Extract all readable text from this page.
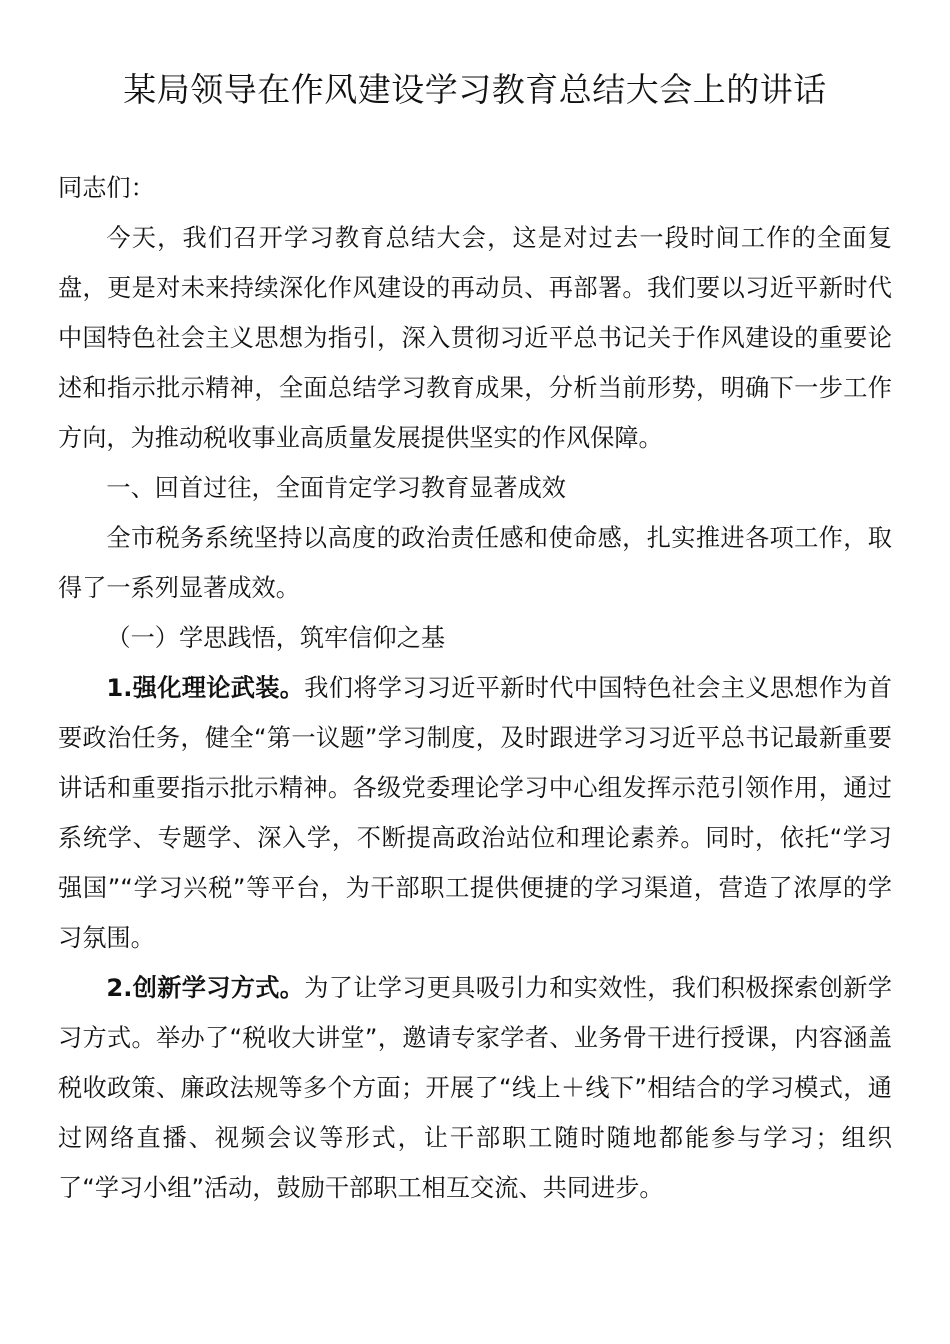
某局领导在作风建设学习教育总结大会上的讲话

同志们：

今天，我们召开学习教育总结大会，这是对过去一段时间工作的全面复盘，更是对未来持续深化作风建设的再动员、再部署。我们要以习近平新时代中国特色社会主义思想为指引，深入贯彻习近平总书记关于作风建设的重要论述和指示批示精神，全面总结学习教育成果，分析当前形势，明确下一步工作方向，为推动税收事业高质量发展提供坚实的作风保障。

一、回首过往，全面肯定学习教育显著成效

全市税务系统坚持以高度的政治责任感和使命感，扎实推进各项工作，取得了一系列显著成效。

（一）学思践悟，筑牢信仰之基

1.强化理论武装。我们将学习习近平新时代中国特色社会主义思想作为首要政治任务，健全“第一议题”学习制度，及时跟进学习习近平总书记最新重要讲话和重要指示批示精神。各级党委理论学习中心组发挥示范引领作用，通过系统学、专题学、深入学，不断提高政治站位和理论素养。同时，依托“学习强国”“学习兴税”等平台，为干部职工提供便捷的学习渠道，营造了浓厚的学习氛围。

2.创新学习方式。为了让学习更具吸引力和实效性，我们积极探索创新学习方式。举办了“税收大讲堂”，邀请专家学者、业务骨干进行授课，内容涵盖税收政策、廉政法规等多个方面；开展了“线上＋线下”相结合的学习模式，通过网络直播、视频会议等形式，让干部职工随时随地都能参与学习；组织了“学习小组”活动，鼓励干部职工相互交流、共同进步。
